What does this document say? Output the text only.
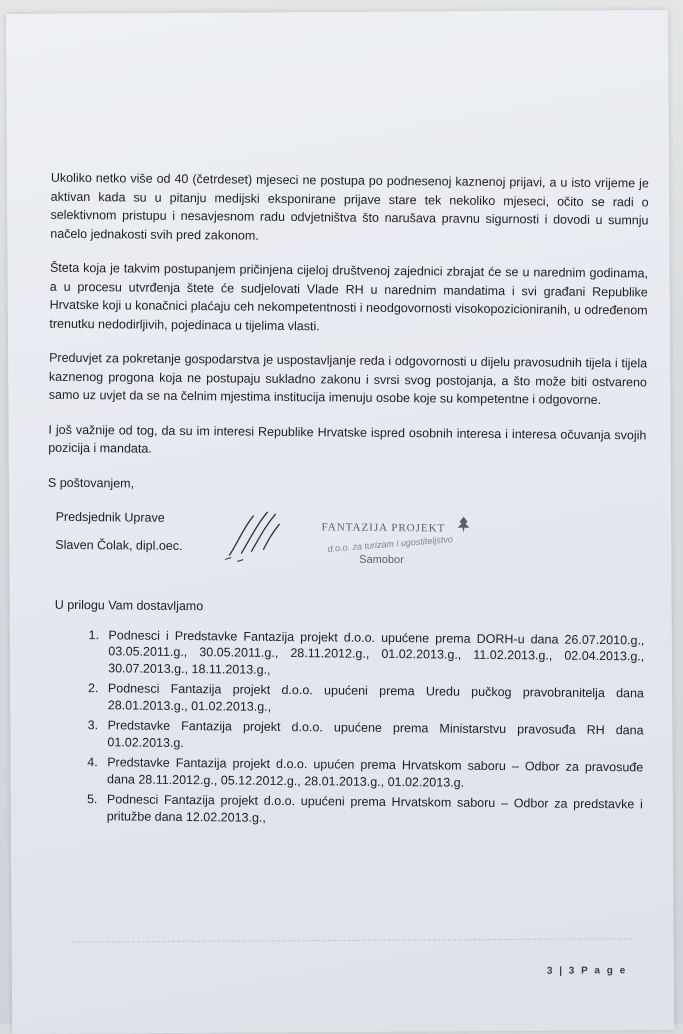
Ukoliko netko više od 40 (četrdeset) mjeseci ne postupa po podnesenoj kaznenoj prijavi, a u isto vrijeme je aktivan kada su u pitanju medijski eksponirane prijave stare tek nekoliko mjeseci, očito se radi o selektivnom pristupu i nesavjesnom radu odvjetništva što narušava pravnu sigurnosti i dovodi u sumnju načelo jednakosti svih pred zakonom.

Šteta koja je takvim postupanjem pričinjena cijeloj društvenoj zajednici zbrajat će se u narednim godinama, a u procesu utvrđenja štete će sudjelovati Vlade RH u narednim mandatima i svi građani Republike Hrvatske koji u konačnici plaćaju ceh nekompetentnosti i neodgovornosti visokopozicioniranih, u određenom trenutku nedodirljivih, pojedinaca u tijelima vlasti.

Preduvjet za pokretanje gospodarstva je uspostavljanje reda i odgovornosti u dijelu pravosudnih tijela i tijela kaznenog progona koja ne postupaju sukladno zakonu i svrsi svog postojanja, a što može biti ostvareno samo uz uvjet da se na čelnim mjestima institucija imenuju osobe koje su kompetentne i odgovorne.

I još važnije od tog, da su im interesi Republike Hrvatske ispred osobnih interesa i interesa očuvanja svojih pozicija i mandata.

S poštovanjem,

Predsjednik Uprave
Slaven Čolak, dipl.oec.
FANTAZIJA PROJEKT
d.o.o. za turizam i ugostiteljstvo
Samobor
U prilogu Vam dostavljamo
1. Podnesci i Predstavke Fantazija projekt d.o.o. upućene prema DORH-u dana 26.07.2010.g., 03.05.2011.g., 30.05.2011.g., 28.11.2012.g., 01.02.2013.g., 11.02.2013.g., 02.04.2013.g., 30.07.2013.g., 18.11.2013.g.,
2. Podnesci Fantazija projekt d.o.o. upućeni prema Uredu pučkog pravobranitelja dana 28.01.2013.g., 01.02.2013.g.,
3. Predstavke Fantazija projekt d.o.o. upućene prema Ministarstvu pravosuđa RH dana 01.02.2013.g.
4. Predstavke Fantazija projekt d.o.o. upućen prema Hrvatskom saboru – Odbor za pravosuđe dana 28.11.2012.g., 05.12.2012.g., 28.01.2013.g., 01.02.2013.g.
5. Podnesci Fantazija projekt d.o.o. upućeni prema Hrvatskom saboru – Odbor za predstavke i pritužbe dana 12.02.2013.g.,
3 | 3 P a g e
